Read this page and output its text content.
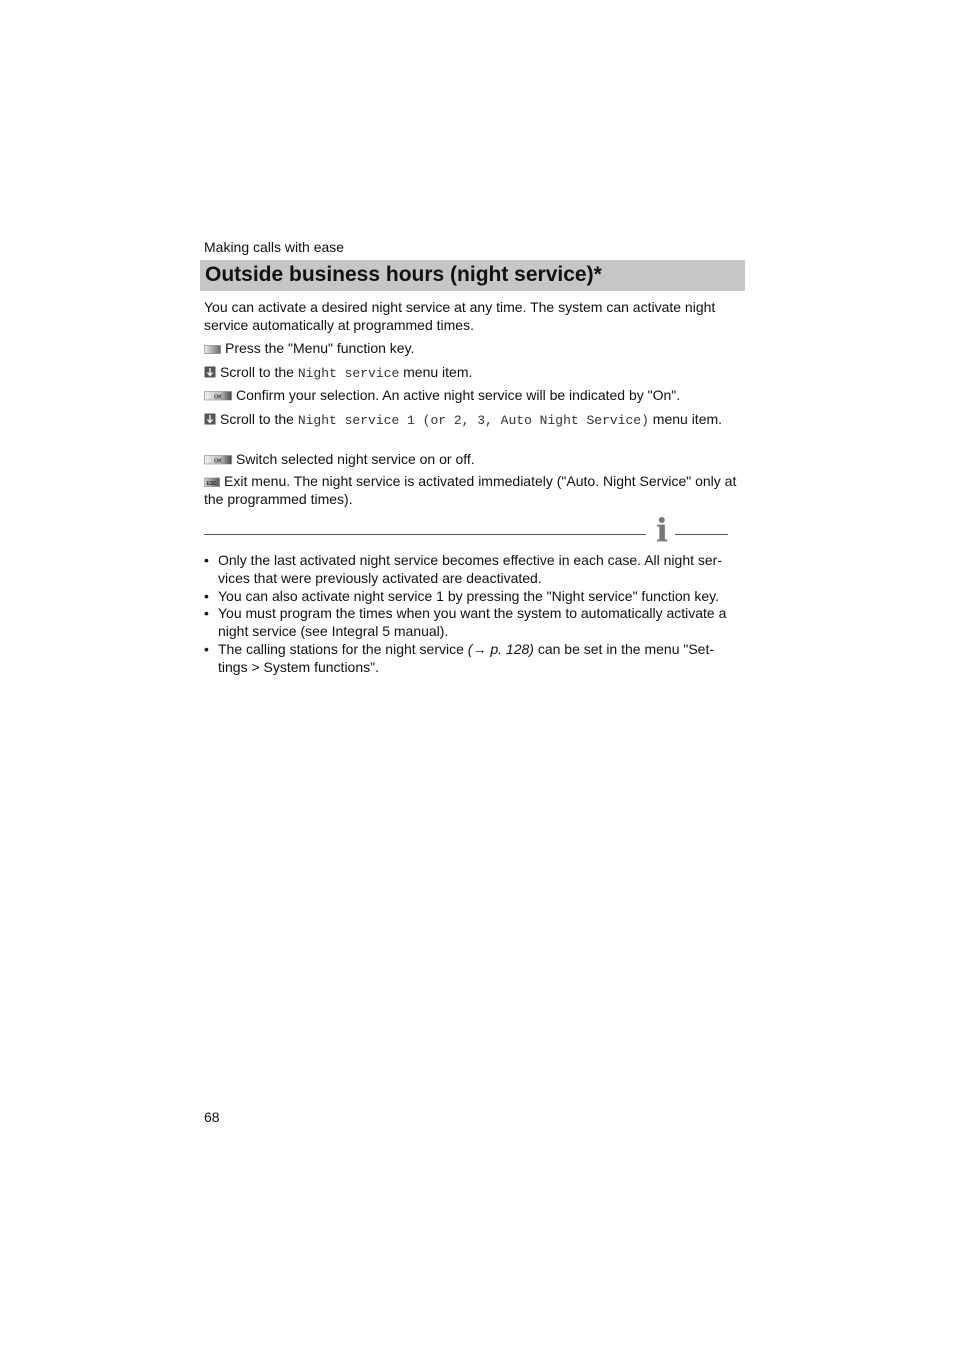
Making calls with ease
Outside business hours (night service)*
You can activate a desired night service at any time. The system can activate night service automatically at programmed times.
Press the "Menu" function key.
Scroll to the Night service menu item.
OK Confirm your selection. An active night service will be indicated by "On".
Scroll to the Night service 1 (or 2, 3, Auto Night Service) menu item.
OK Switch selected night service on or off.
ESC Exit menu. The night service is activated immediately ("Auto. Night Service" only at the programmed times).
i
• Only the last activated night service becomes effective in each case. All night ser-vices that were previously activated are deactivated.
• You can also activate night service 1 by pressing the "Night service" function key.
• You must program the times when you want the system to automatically activate a night service (see Integral 5 manual).
• The calling stations for the night service (→ p. 128) can be set in the menu "Set-tings > System functions".
68
